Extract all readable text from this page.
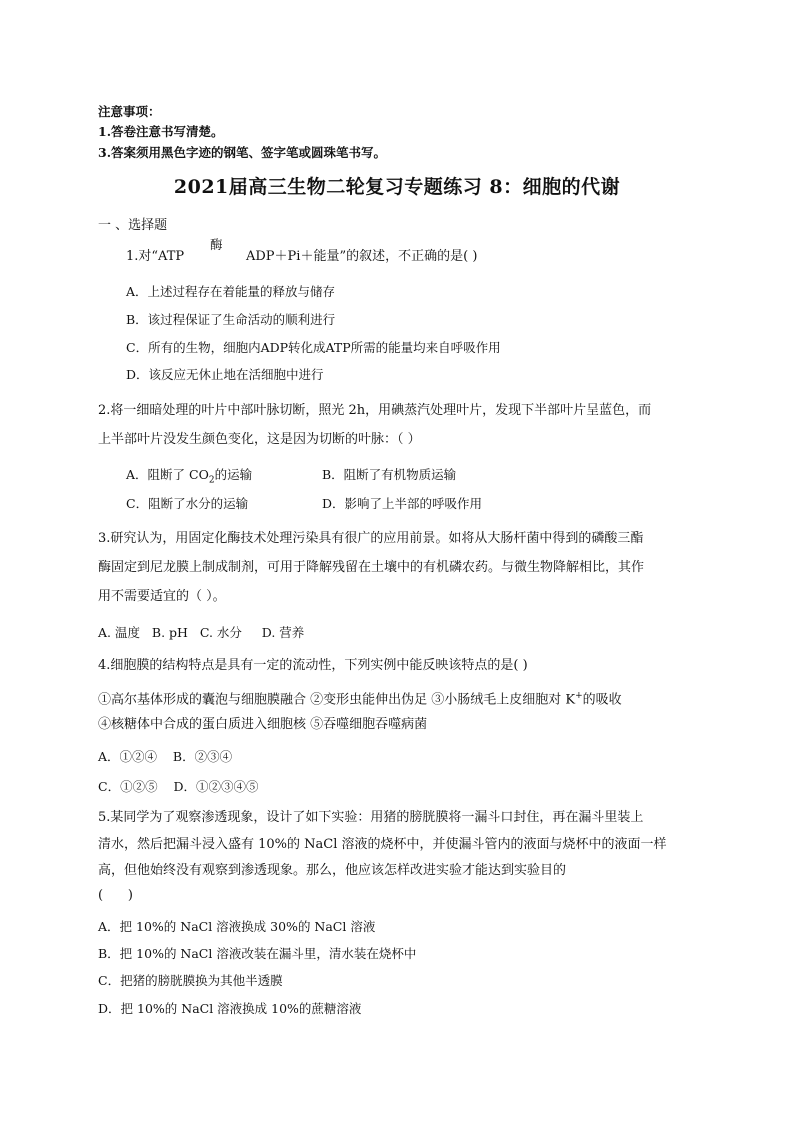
注意事项：
1.答卷注意书写清楚。
3.答案须用黑色字迹的钢笔、签字笔或圆珠笔书写。
2021届高三生物二轮复习专题练习 8：细胞的代谢
一 、选择题
酶
1.对“ATP	ADP＋Pi＋能量”的叙述，不正确的是( )
A．上述过程存在着能量的释放与储存
B．该过程保证了生命活动的顺利进行
C．所有的生物，细胞内ADP转化成ATP所需的能量均来自呼吸作用
D．该反应无休止地在活细胞中进行
2.将一细暗处理的叶片中部叶脉切断，照光 2h，用碘蒸汽处理叶片，发现下半部叶片呈蓝色，而
上半部叶片没发生颜色变化，这是因为切断的叶脉：（ ）
A．阻断了 $CO_2$的运输	B．阻断了有机物质运输
C．阻断了水分的运输	D．影响了上半部的呼吸作用
3.研究认为，用固定化酶技术处理污染具有很广的应用前景。如将从大肠杆菌中得到的磷酸三酯
酶固定到尼龙膜上制成制剂，可用于降解残留在土壤中的有机磷农药。与微生物降解相比，其作
用不需要适宜的（ ）。
A. 温度   B. pH   C. 水分     D. 营养
4.细胞膜的结构特点是具有一定的流动性，下列实例中能反映该特点的是( )
①高尔基体形成的囊泡与细胞膜融合 ②变形虫能伸出伪足 ③小肠绒毛上皮细胞对 K+的吸收
④核糖体中合成的蛋白质进入细胞核 ⑤吞噬细胞吞噬病菌
A．①②④    B．②③④
C．①②⑤    D．①②③④⑤
5.某同学为了观察渗透现象，设计了如下实验：用猪的膀胱膜将一漏斗口封住，再在漏斗里装上
清水，然后把漏斗浸入盛有 10%的 NaCl 溶液的烧杯中，并使漏斗管内的液面与烧杯中的液面一样
高，但他始终没有观察到渗透现象。那么，他应该怎样改进实验才能达到实验目的
(      )
A．把 10%的 NaCl 溶液换成 30%的 NaCl 溶液
B．把 10%的 NaCl 溶液改装在漏斗里，清水装在烧杯中
C．把猪的膀胱膜换为其他半透膜
D．把 10%的 NaCl 溶液换成 10%的蔗糖溶液
